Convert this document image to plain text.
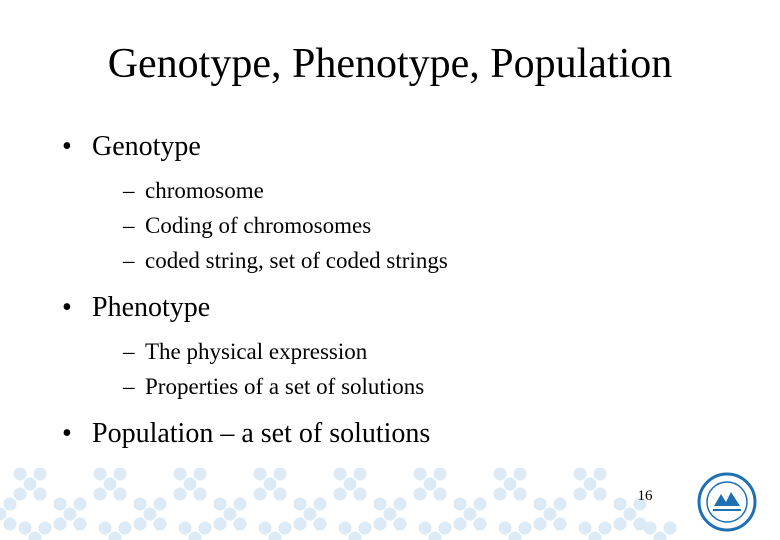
Genotype, Phenotype, Population
• Genotype
– chromosome
– Coding of chromosomes
– coded string, set of coded strings
• Phenotype
– The physical expression
– Properties of a set of solutions
• Population – a set of solutions
16
